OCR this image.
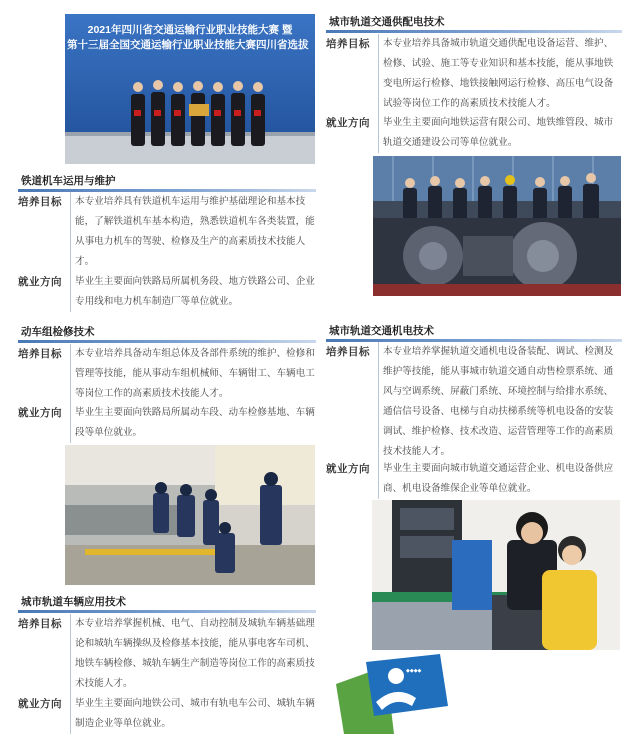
2021年四川省交通运输行业职业技能大赛 暨
第十三届全国交通运输行业职业技能大赛四川省选拔
铁道机车运用与维护
培养目标	本专业培养具有铁道机车运用与维护基础理论和基本技能，了解铁道机车基本构造，熟悉铁道机车各类装置，能从事电力机车的驾驶、检修及生产的高素质技术技能人才。
就业方向	毕业生主要面向铁路局所属机务段、地方铁路公司、企业专用线和电力机车制造厂等单位就业。
动车组检修技术
培养目标	本专业培养具备动车组总体及各部件系统的维护、检修和管理等技能，能从事动车组机械师、车辆钳工、车辆电工等岗位工作的高素质技术技能人才。
就业方向	毕业生主要面向铁路局所属动车段、动车检修基地、车辆段等单位就业。
城市轨道车辆应用技术
培养目标	本专业培养掌握机械、电气、自动控制及城轨车辆基础理论和城轨车辆操纵及检修基本技能，能从事电客车司机、地铁车辆检修、城轨车辆生产制造等岗位工作的高素质技术技能人才。
就业方向	毕业生主要面向地铁公司、城市有轨电车公司、城轨车辆制造企业等单位就业。
城市轨道交通供配电技术
培养目标	本专业培养具备城市轨道交通供配电设备运营、维护、检修、试验、施工等专业知识和基本技能，能从事地铁变电所运行检修、地铁接触网运行检修、高压电气设备试验等岗位工作的高素质技术技能人才。
就业方向	毕业生主要面向地铁运营有限公司、地铁维管段、城市轨道交通建设公司等单位就业。
城市轨道交通机电技术
培养目标	本专业培养掌握轨道交通机电设备装配、调试、检测及维护等技能，能从事城市轨道交通自动售检票系统、通风与空调系统、屏蔽门系统、环境控制与给排水系统、通信信号设备、电梯与自动扶梯系统等机电设备的安装调试、维护检修、技术改造、运营管理等工作的高素质技术技能人才。
就业方向	毕业生主要面向城市轨道交通运营企业、机电设备供应商、机电设备维保企业等单位就业。
◆◆◆◆
